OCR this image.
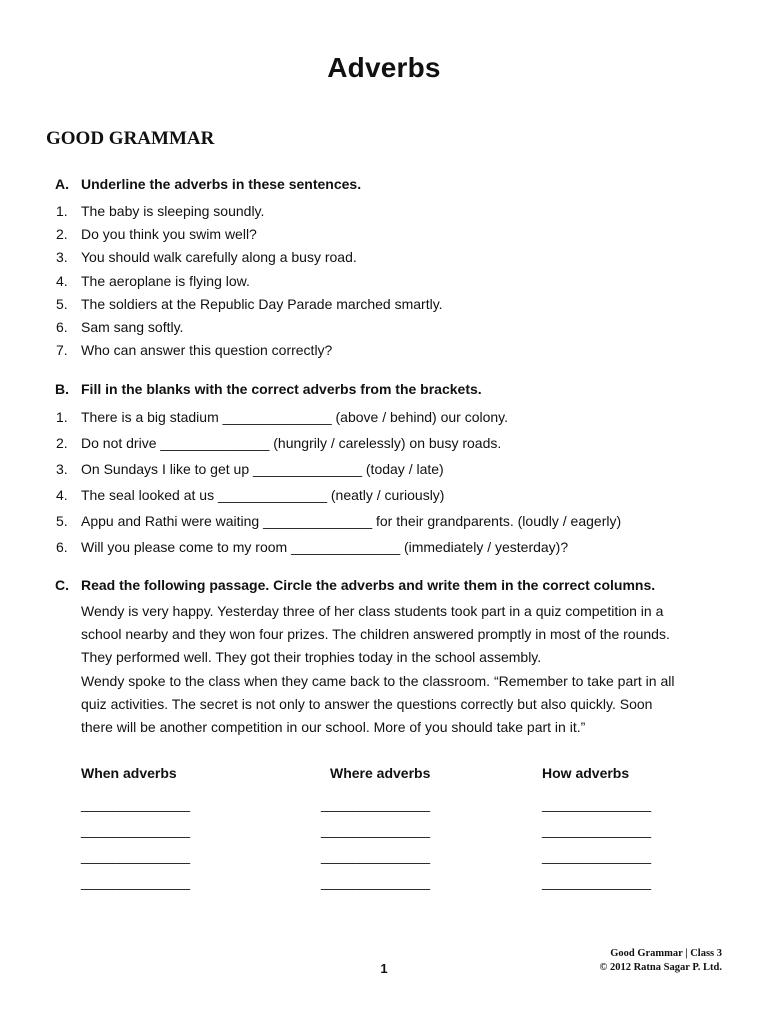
Adverbs
GOOD GRAMMAR
A. Underline the adverbs in these sentences.
1. The baby is sleeping soundly.
2. Do you think you swim well?
3. You should walk carefully along a busy road.
4. The aeroplane is flying low.
5. The soldiers at the Republic Day Parade marched smartly.
6. Sam sang softly.
7. Who can answer this question correctly?
B. Fill in the blanks with the correct adverbs from the brackets.
1. There is a big stadium ______________ (above / behind) our colony.
2. Do not drive ______________ (hungrily / carelessly) on busy roads.
3. On Sundays I like to get up ______________ (today / late)
4. The seal looked at us ______________ (neatly / curiously)
5. Appu and Rathi were waiting ______________ for their grandparents. (loudly / eagerly)
6. Will you please come to my room ______________ (immediately / yesterday)?
C. Read the following passage. Circle the adverbs and write them in the correct columns.

Wendy is very happy. Yesterday three of her class students took part in a quiz competition in a

school nearby and they won four prizes. The children answered promptly in most of the rounds.

They performed well. They got their trophies today in the school assembly.

Wendy spoke to the class when they came back to the classroom. “Remember to take part in all

quiz activities. The secret is not only to answer the questions correctly but also quickly. Soon

there will be another competition in our school. More of you should take part in it.”

When adverbs
______________
______________
______________
______________
Where adverbs
______________
______________
______________
______________
How adverbs
______________
______________
______________
______________
Good Grammar | Class 3
© 2012 Ratna Sagar P. Ltd.
1
